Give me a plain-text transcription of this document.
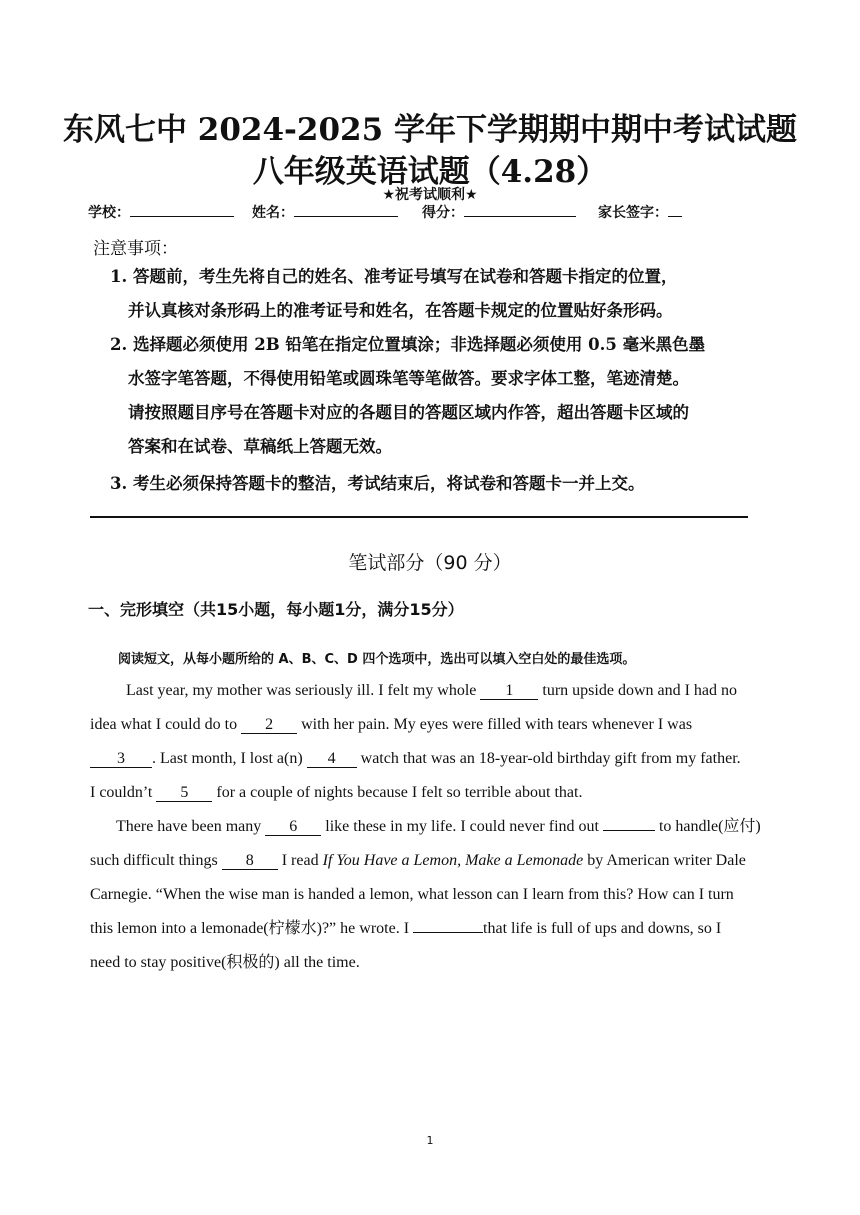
东风七中 2024-2025 学年下学期期中期中考试试题
八年级英语试题（4.28）
★祝考试顺利★
学校：	姓名：	得分：	家长签字：
注意事项：
1. 答题前，考生先将自己的姓名、准考证号填写在试卷和答题卡指定的位置，
并认真核对条形码上的准考证号和姓名，在答题卡规定的位置贴好条形码。
2. 选择题必须使用 2B 铅笔在指定位置填涂；非选择题必须使用 0.5 毫米黑色墨
水签字笔答题，不得使用铅笔或圆珠笔等笔做答。要求字体工整，笔迹清楚。
请按照题目序号在答题卡对应的各题目的答题区域内作答，超出答题卡区域的
答案和在试卷、草稿纸上答题无效。
3. 考生必须保持答题卡的整洁，考试结束后，将试卷和答题卡一并上交。
笔试部分（90 分）
一、完形填空（共15小题，每小题1分，满分15分）
阅读短文，从每小题所给的 A、B、C、D 四个选项中，选出可以填入空白处的最佳选项。
Last year, my mother was seriously ill. I felt my whole 1 turn upside down and I had no
idea what I could do to 2 with her pain. My eyes were filled with tears whenever I was
3 . Last month, I lost a(n) 4 watch that was an 18-year-old birthday gift from my father.
I couldn’t 5 for a couple of nights because I felt so terrible about that.
There have been many 6 like these in my life. I could never find out	to handle(应付)
such difficult things 8 I read If You Have a Lemon, Make a Lemonade by American writer Dale
Carnegie. “When the wise man is handed a lemon, what lesson can I learn from this? How can I turn
this lemon into a lemonade(柠檬水)?” he wrote. I	that life is full of ups and downs, so I
need to stay positive(积极的) all the time.
1
